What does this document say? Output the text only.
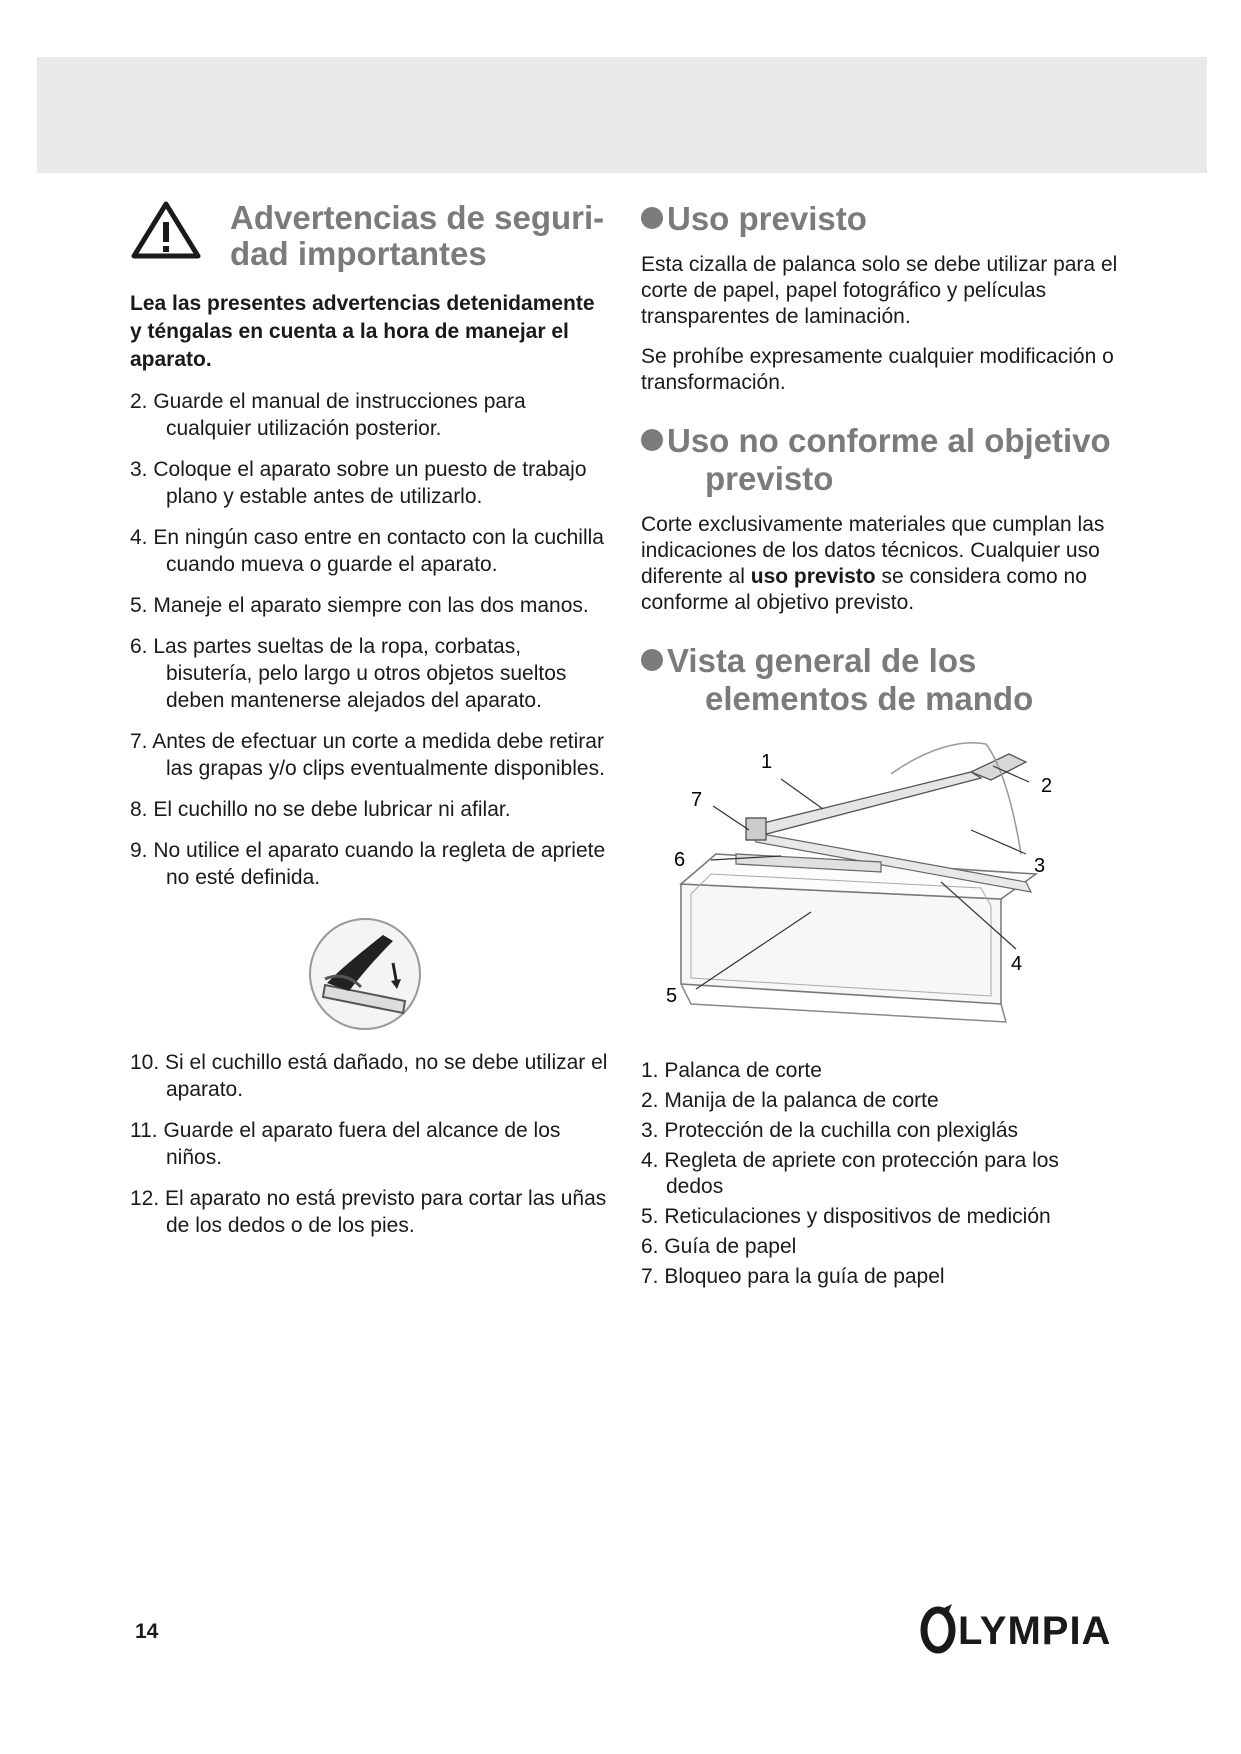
Advertencias de seguri-
dad importantes
Lea las presentes advertencias detenidamente y téngalas en cuenta a la hora de manejar el aparato.
2. Guarde el manual de instrucciones para cualquier utilización posterior.
3. Coloque el aparato sobre un puesto de trabajo plano y estable antes de utilizarlo.
4. En ningún caso entre en contacto con la cuchilla cuando mueva o guarde el aparato.
5. Maneje el aparato siempre con las dos manos.
6. Las partes sueltas de la ropa, corbatas, bisutería, pelo largo u otros objetos sueltos deben mantenerse alejados del aparato.
7. Antes de efectuar un corte a medida debe retirar las grapas y/o clips eventualmente disponibles.
8. El cuchillo no se debe lubricar ni afilar.
9. No utilice el aparato cuando la regleta de apriete no esté definida.
10. Si el cuchillo está dañado, no se debe utilizar el aparato.
11. Guarde el aparato fuera del alcance de los niños.
12. El aparato no está previsto para cortar las uñas de los dedos o de los pies.
Uso previsto
Esta cizalla de palanca solo se debe utilizar para el corte de papel, papel fotográfico y películas transparentes de laminación.
Se prohíbe expresamente cualquier modificación o transformación.
Uso no conforme al objetivo previsto
Corte exclusivamente materiales que cumplan las indicaciones de los datos técnicos. Cualquier uso diferente al uso previsto se considera como no conforme al objetivo previsto.
Vista general de los elementos de mando
1
2
3
4
5
6
7
1. Palanca de corte
2. Manija de la palanca de corte
3. Protección de la cuchilla con plexiglás
4. Regleta de apriete con protección para los dedos
5. Reticulaciones y dispositivos de medición
6. Guía de papel
7. Bloqueo para la guía de papel
14	LYMPIA
